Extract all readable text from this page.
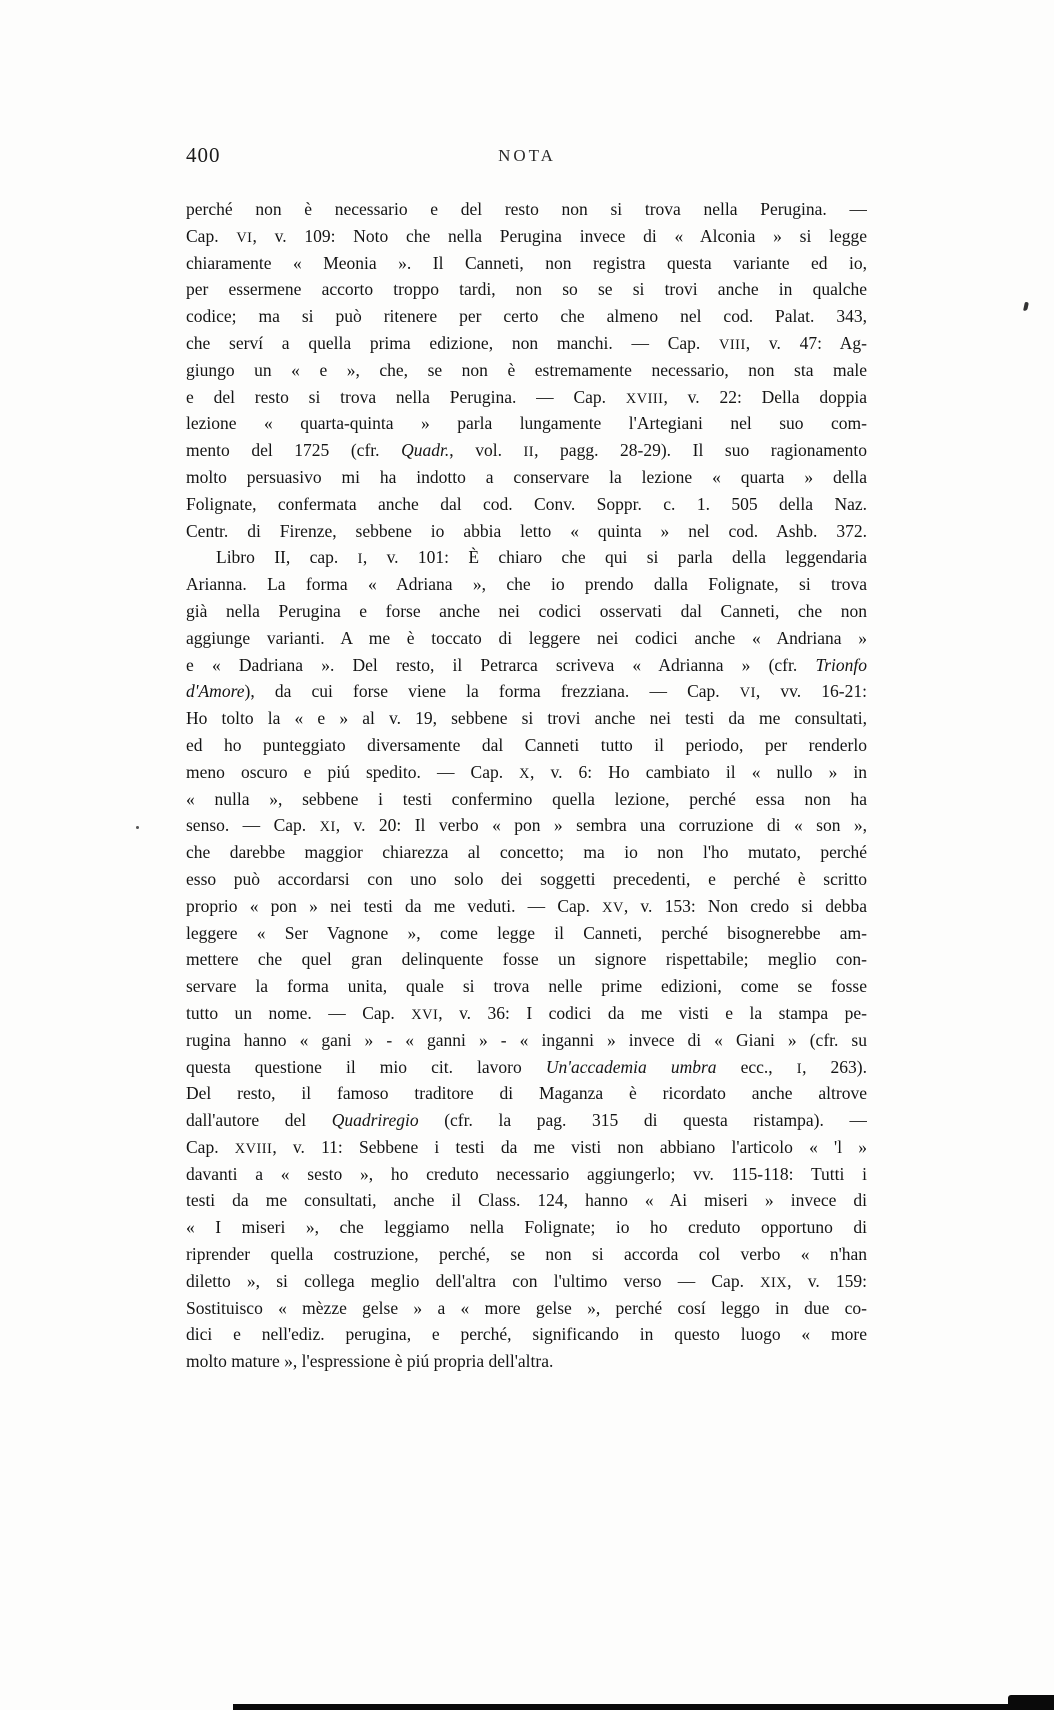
400	NOTA
perché non è necessario e del resto non si trova nella Perugina. —
Cap. VI, v. 109: Noto che nella Perugina invece di « Alconia » si legge
chiaramente « Meonia ». Il Canneti, non registra questa variante ed io,
per essermene accorto troppo tardi, non so se si trovi anche in qualche
codice; ma si può ritenere per certo che almeno nel cod. Palat. 343,
che serví a quella prima edizione, non manchi. — Cap. VIII, v. 47: Ag-
giungo un « e », che, se non è estremamente necessario, non sta male
e del resto si trova nella Perugina. — Cap. XVIII, v. 22: Della doppia
lezione « quarta-quinta » parla lungamente l'Artegiani nel suo com-
mento del 1725 (cfr. Quadr., vol. II, pagg. 28-29). Il suo ragionamento
molto persuasivo mi ha indotto a conservare la lezione « quarta » della
Folignate, confermata anche dal cod. Conv. Soppr. c. 1. 505 della Naz.
Centr. di Firenze, sebbene io abbia letto « quinta » nel cod. Ashb. 372.
Libro II, cap. I, v. 101: È chiaro che qui si parla della leggendaria
Arianna. La forma « Adriana », che io prendo dalla Folignate, si trova
già nella Perugina e forse anche nei codici osservati dal Canneti, che non
aggiunge varianti. A me è toccato di leggere nei codici anche « Andriana »
e « Dadriana ». Del resto, il Petrarca scriveva « Adrianna » (cfr. Trionfo
d'Amore), da cui forse viene la forma frezziana. — Cap. VI, vv. 16-21:
Ho tolto la « e » al v. 19, sebbene si trovi anche nei testi da me consultati,
ed ho punteggiato diversamente dal Canneti tutto il periodo, per renderlo
meno oscuro e piú spedito. — Cap. X, v. 6: Ho cambiato il « nullo » in
« nulla », sebbene i testi confermino quella lezione, perché essa non ha
senso. — Cap. XI, v. 20: Il verbo « pon » sembra una corruzione di « son »,
che darebbe maggior chiarezza al concetto; ma io non l'ho mutato, perché
esso può accordarsi con uno solo dei soggetti precedenti, e perché è scritto
proprio « pon » nei testi da me veduti. — Cap. XV, v. 153: Non credo si debba
leggere « Ser Vagnone », come legge il Canneti, perché bisognerebbe am-
mettere che quel gran delinquente fosse un signore rispettabile; meglio con-
servare la forma unita, quale si trova nelle prime edizioni, come se fosse
tutto un nome. — Cap. XVI, v. 36: I codici da me visti e la stampa pe-
rugina hanno « gani » - « ganni » - « inganni » invece di « Giani » (cfr. su
questa questione il mio cit. lavoro Un'accademia umbra ecc., I, 263).
Del resto, il famoso traditore di Maganza è ricordato anche altrove
dall'autore del Quadriregio (cfr. la pag. 315 di questa ristampa). —
Cap. XVIII, v. 11: Sebbene i testi da me visti non abbiano l'articolo « 'l »
davanti a « sesto », ho creduto necessario aggiungerlo; vv. 115-118: Tutti i
testi da me consultati, anche il Class. 124, hanno « Ai miseri » invece di
« I miseri », che leggiamo nella Folignate; io ho creduto opportuno di
riprender quella costruzione, perché, se non si accorda col verbo « n'han
diletto », si collega meglio dell'altra con l'ultimo verso — Cap. XIX, v. 159:
Sostituisco « mèzze gelse » a « more gelse », perché cosí leggo in due co-
dici e nell'ediz. perugina, e perché, significando in questo luogo « more
molto mature », l'espressione è piú propria dell'altra.
